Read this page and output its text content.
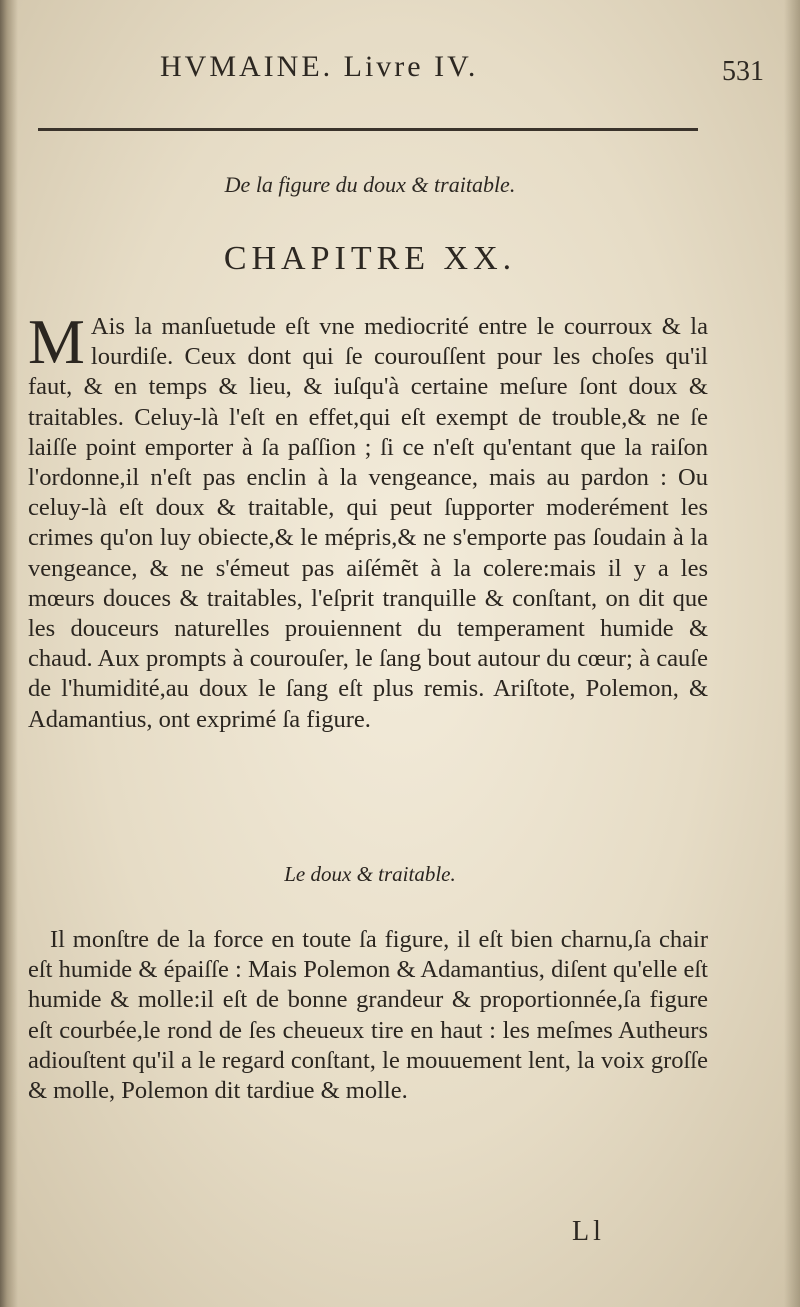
HVMAINE. Livre IV.	531
De la figure du doux & traitable.
CHAPITRE XX.
M Ais la manſuetude eſt vne mediocrité entre le courroux & la lourdiſe. Ceux dont qui ſe courouſſent pour les choſes qu'il faut, & en temps & lieu, & iuſqu'à certaine meſure ſont doux & traitables. Celuy-là l'eſt en effet,qui eſt exempt de trouble,& ne ſe laiſſe point emporter à ſa paſſion ; ſi ce n'eſt qu'entant que la raiſon l'ordonne,il n'eſt pas enclin à la vengeance, mais au pardon : Ou celuy-là eſt doux & traitable, qui peut ſupporter moderément les crimes qu'on luy obiecte,& le mépris,& ne s'emporte pas ſoudain à la vengeance, & ne s'émeut pas aiſémẽt à la colere:mais il y a les mœurs douces & traitables, l'eſprit tranquille & conſtant, on dit que les douceurs naturelles prouiennent du temperament humide & chaud. Aux prompts à courouſer, le ſang bout autour du cœur; à cauſe de l'humidité,au doux le ſang eſt plus remis. Ariſtote, Polemon, & Adamantius, ont exprimé ſa figure.
Le doux & traitable.
Il monſtre de la force en toute ſa figure, il eſt bien charnu,ſa chair eſt humide & épaiſſe : Mais Polemon & Adamantius, diſent qu'elle eſt humide & molle:il eſt de bonne grandeur & proportionnée,ſa figure eſt courbée,le rond de ſes cheueux tire en haut : les meſmes Autheurs adiouſtent qu'il a le regard conſtant, le mouuement lent, la voix groſſe & molle, Polemon dit tardiue & molle.
Ll
